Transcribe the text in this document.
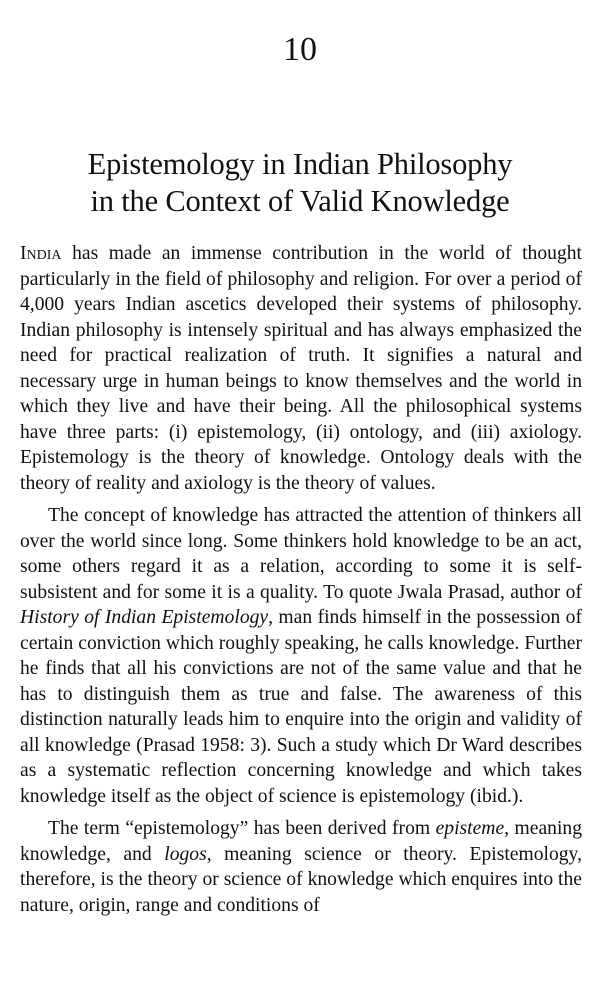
10
Epistemology in Indian Philosophy
in the Context of Valid Knowledge

India has made an immense contribution in the world of thought particularly in the field of philosophy and religion. For over a period of 4,000 years Indian ascetics developed their systems of philosophy. Indian philosophy is intensely spiritual and has always emphasized the need for practical realization of truth. It signifies a natural and necessary urge in human beings to know themselves and the world in which they live and have their being. All the philosophical systems have three parts: (i) epistemology, (ii) ontology, and (iii) axiology. Epistemology is the theory of knowledge. Ontology deals with the theory of reality and axiology is the theory of values.

The concept of knowledge has attracted the attention of thinkers all over the world since long. Some thinkers hold knowledge to be an act, some others regard it as a relation, according to some it is self-subsistent and for some it is a quality. To quote Jwala Prasad, author of History of Indian Epistemology, man finds himself in the possession of certain conviction which roughly speaking, he calls knowledge. Further he finds that all his convictions are not of the same value and that he has to distinguish them as true and false. The awareness of this distinction naturally leads him to enquire into the origin and validity of all knowledge (Prasad 1958: 3). Such a study which Dr Ward describes as a systematic reflection concerning knowledge and which takes knowledge itself as the object of science is epistemology (ibid.).

The term “epistemology” has been derived from episteme, meaning knowledge, and logos, meaning science or theory. Epistemology, therefore, is the theory or science of knowledge which enquires into the nature, origin, range and conditions of
